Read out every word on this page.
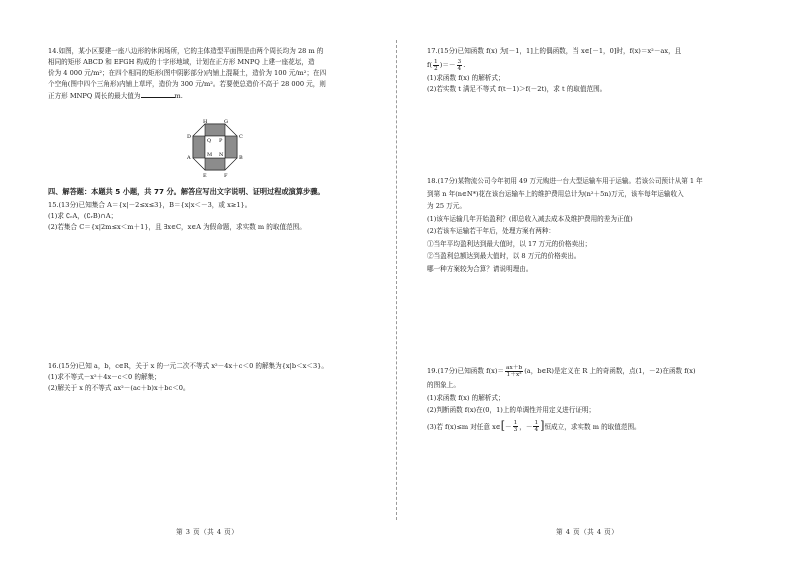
14.如图，某小区要建一座八边形的休闲场所，它的主体造型平面图是由两个周长均为 28 m 的
相同的矩形 ABCD 和 EFGH 构成的十字形地域，计划在正方形 MNPQ 上建一座花坛，造
价为 4 000 元/m²；在四个相同的矩形(图中阴影部分)内铺上混凝土，造价为 100 元/m²；在四
个空角(图中四个三角形)内铺上草坪，造价为 300 元/m²。若要使总造价不高于 28 000 元，则
正方形 MNPQ 周长的最大值为	m.
H	G
D	C
Q P
A	B
M N
E	F
四、解答题：本题共 5 小题，共 77 分。解答应写出文字说明、证明过程或演算步骤。
15.(13分)已知集合 A＝{x|－2≤x≤3}，B＝{x|x＜－3，或 x≥1}。
(1)求 ∁ᵣA，(∁ᵣB)∩A；
(2)若集合 C＝{x|2m≤x＜m＋1}，且 ∃x∈C，x∈A 为假命题，求实数 m 的取值范围。
16.(15分)已知 a，b，c∈R，关于 x 的一元二次不等式 x²－4x＋c＜0 的解集为{x|b＜x＜3}。
(1)求不等式－x²＋4x－c＜0 的解集；
(2)解关于 x 的不等式 ax²－(ac＋b)x＋bc＜0。
第 3 页（共 4 页）
17.(15分)已知函数 f(x) 为[－1，1]上的偶函数，当 x∈[－1，0]时，f(x)＝x²－ax，且
$f( \frac{1}{2}$ )＝－ $\frac{3}{4}$ .
(1)求函数 f(x) 的解析式；
(2)若实数 t 满足不等式 f(t－1)＞f(－2t)，求 t 的取值范围。
18.(17分)某物流公司今年初用 49 万元购进一台大型运输车用于运输。若该公司预计从第 1 年
到第 n 年(n∈N*)花在该台运输车上的维护费用总计为(n²＋5n)万元，该车每年运输收入
为 25 万元。
(1)该车运输几年开始盈利？(即总收入减去成本及维护费用的差为正值)
(2)若该车运输若干年后，处理方案有两种：
①当年平均盈利达到最大值时，以 17 万元的价格卖出；
②当盈利总额达到最大值时，以 8 万元的价格卖出。
哪一种方案较为合算？请说明理由。
19.(17分)已知函数 $f(x)= \frac{ax+b}{\text{1＋x²}} (a$，b∈R)是定义在 R 上的奇函数，点(1，－2)在函数 f(x)
的图象上。
(1)求函数 f(x) 的解析式；
(2)判断函数 f(x)在(0，1)上的单调性并用定义进行证明；
(3)若 f(x)≤m 对任意 x∈[－ $\frac{1}{3}$ ，－ $\frac{1}{4}$ ]恒成立，求实数 m 的取值范围。
第 4 页（共 4 页）
